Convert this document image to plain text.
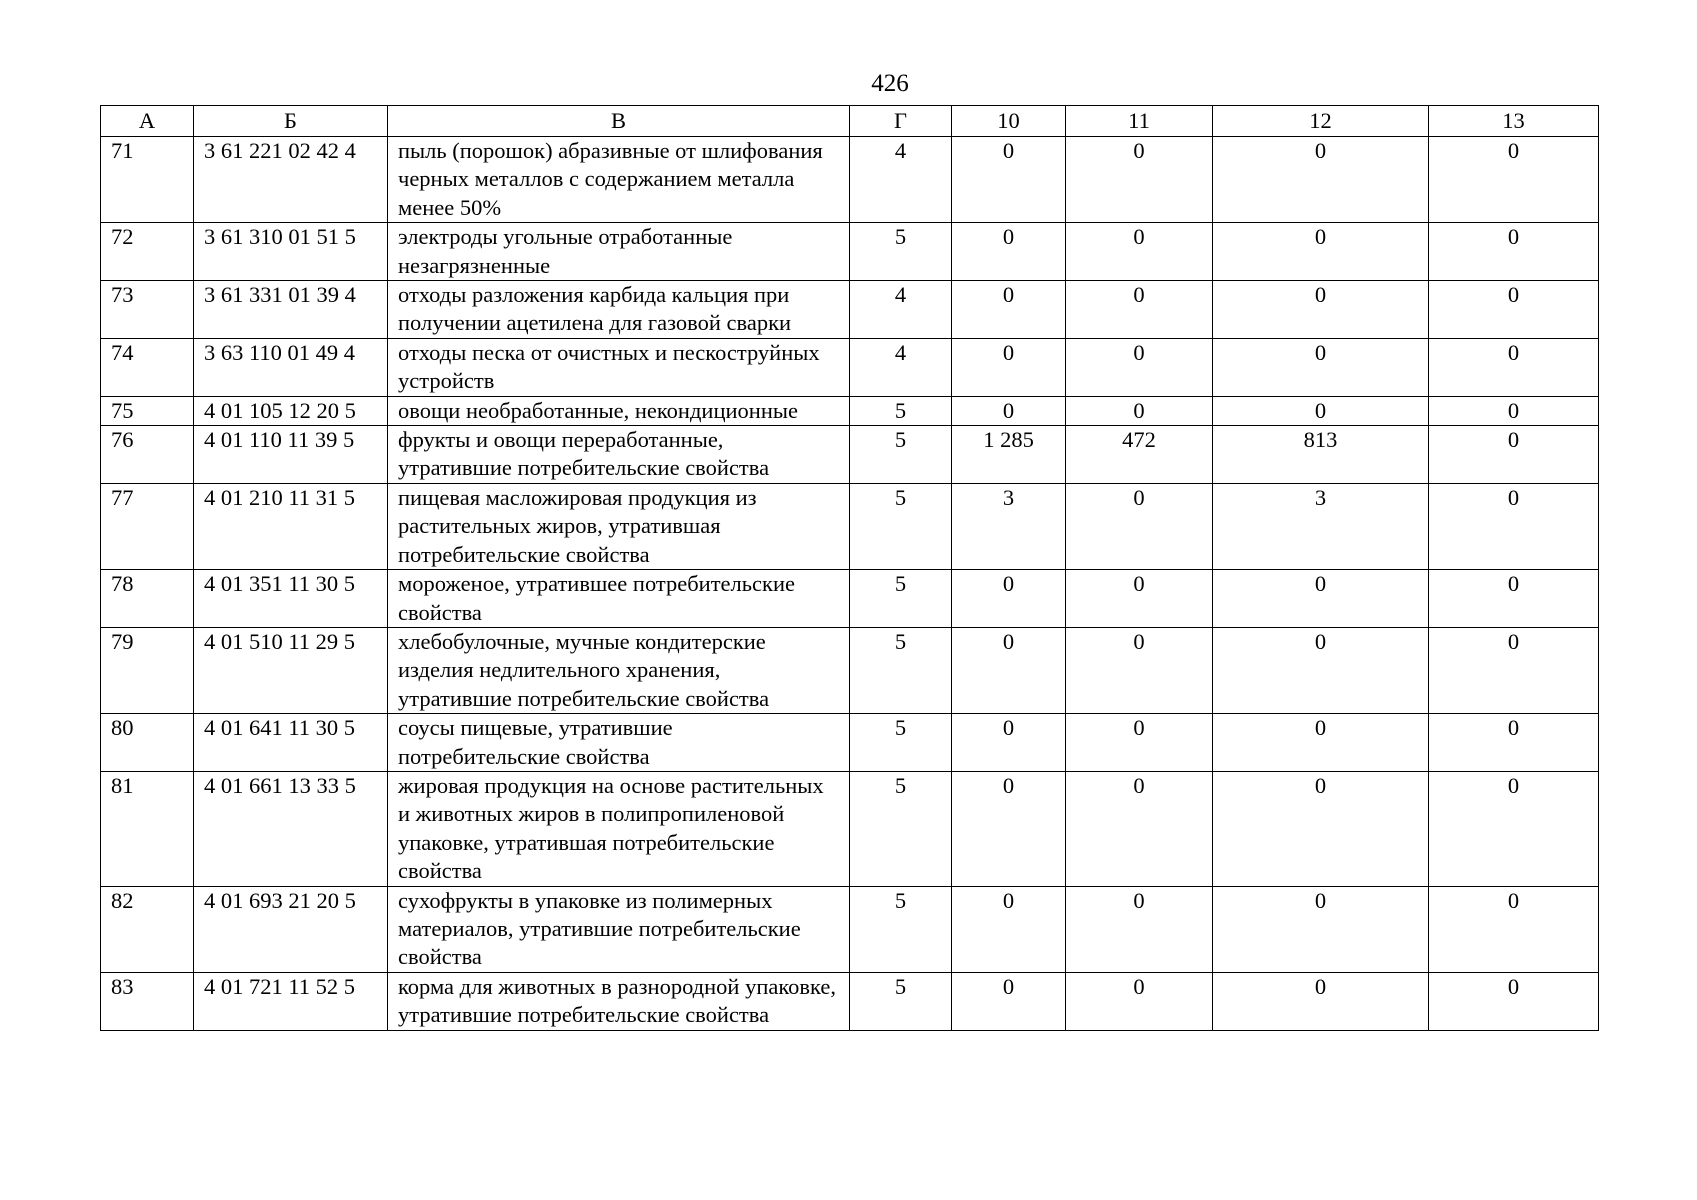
426
А	Б	В	Г	10	11	12	13
71	3 61 221 02 42 4	пыль (порошок) абразивные от шлифования черных металлов с содержанием металла менее 50%	4	0	0	0	0
72	3 61 310 01 51 5	электроды угольные отработанные незагрязненные	5	0	0	0	0
73	3 61 331 01 39 4	отходы разложения карбида кальция при получении ацетилена для газовой сварки	4	0	0	0	0
74	3 63 110 01 49 4	отходы песка от очистных и пескоструйных устройств	4	0	0	0	0
75	4 01 105 12 20 5	овощи необработанные, некондиционные	5	0	0	0	0
76	4 01 110 11 39 5	фрукты и овощи переработанные, утратившие потребительские свойства	5	1 285	472	813	0
77	4 01 210 11 31 5	пищевая масложировая продукция из растительных жиров, утратившая потребительские свойства	5	3	0	3	0
78	4 01 351 11 30 5	мороженое, утратившее потребительские свойства	5	0	0	0	0
79	4 01 510 11 29 5	хлебобулочные, мучные кондитерские изделия недлительного хранения, утратившие потребительские свойства	5	0	0	0	0
80	4 01 641 11 30 5	соусы пищевые, утратившие потребительские свойства	5	0	0	0	0
81	4 01 661 13 33 5	жировая продукция на основе растительных и животных жиров в полипропиленовой упаковке, утратившая потребительские свойства	5	0	0	0	0
82	4 01 693 21 20 5	сухофрукты в упаковке из полимерных материалов, утратившие потребительские свойства	5	0	0	0	0
83	4 01 721 11 52 5	корма для животных в разнородной упаковке, утратившие потребительские свойства	5	0	0	0	0
